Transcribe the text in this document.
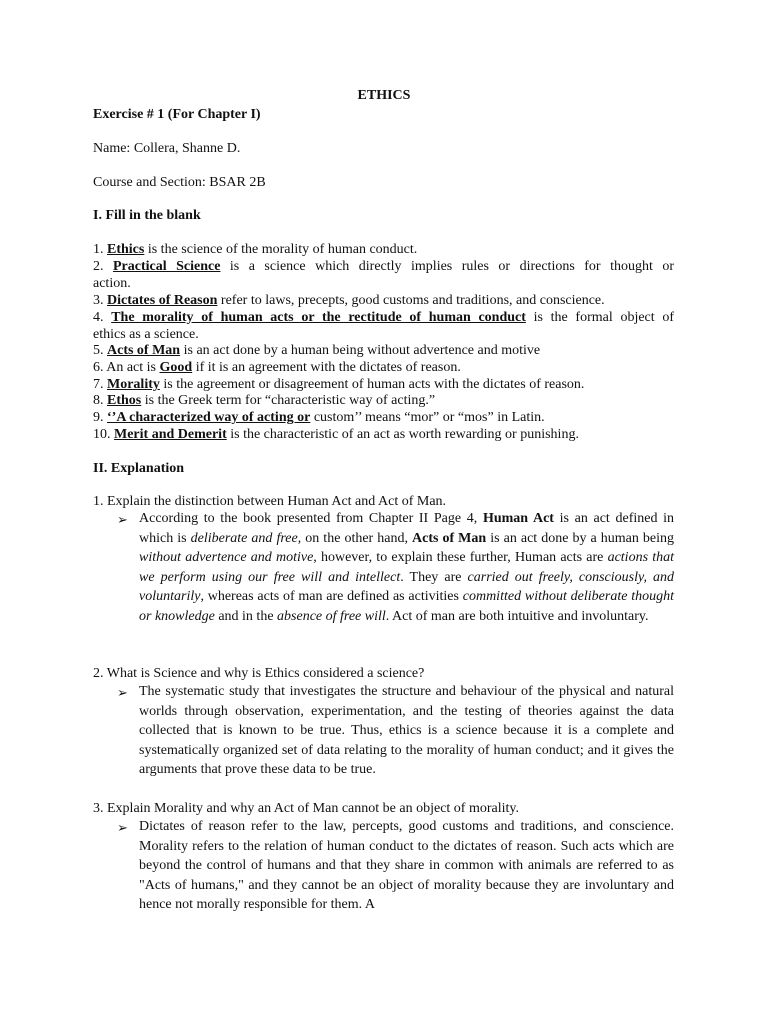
ETHICS
Exercise # 1 (For Chapter I)
Name: Collera, Shanne D.
Course and Section: BSAR 2B
I. Fill in the blank
1. Ethics is the science of the morality of human conduct.
2. Practical Science is a science which directly implies rules or directions for thought or
action.
3. Dictates of Reason refer to laws, precepts, good customs and traditions, and conscience.
4. The morality of human acts or the rectitude of human conduct is the formal object of
ethics as a science.
5. Acts of Man is an act done by a human being without advertence and motive
6. An act is Good if it is an agreement with the dictates of reason.
7. Morality is the agreement or disagreement of human acts with the dictates of reason.
8. Ethos is the Greek term for “characteristic way of acting.”
9. ‘’A characterized way of acting or custom’’ means “mor” or “mos” in Latin.
10. Merit and Demerit is the characteristic of an act as worth rewarding or punishing.
II. Explanation
1. Explain the distinction between Human Act and Act of Man.
➢ According to the book presented from Chapter II Page 4, Human Act is an act defined in which is deliberate and free, on the other hand, Acts of Man is an act done by a human being without advertence and motive, however, to explain these further, Human acts are actions that we perform using our free will and intellect. They are carried out freely, consciously, and voluntarily, whereas acts of man are defined as activities committed without deliberate thought or knowledge and in the absence of free will. Act of man are both intuitive and involuntary.
2. What is Science and why is Ethics considered a science?
➢ The systematic study that investigates the structure and behaviour of the physical and natural worlds through observation, experimentation, and the testing of theories against the data collected that is known to be true. Thus, ethics is a science because it is a complete and systematically organized set of data relating to the morality of human conduct; and it gives the arguments that prove these data to be true.
3. Explain Morality and why an Act of Man cannot be an object of morality.
➢ Dictates of reason refer to the law, percepts, good customs and traditions, and conscience. Morality refers to the relation of human conduct to the dictates of reason. Such acts which are beyond the control of humans and that they share in common with animals are referred to as "Acts of humans," and they cannot be an object of morality because they are involuntary and hence not morally responsible for them. A
